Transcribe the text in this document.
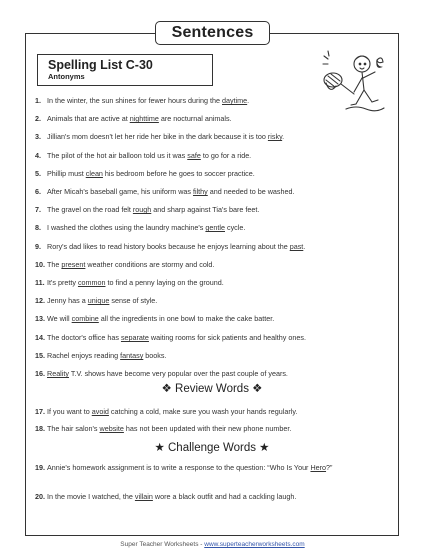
Sentences
Spelling List C-30
Antonyms
1. In the winter, the sun shines for fewer hours during the daytime.
2. Animals that are active at nighttime are nocturnal animals.
3. Jillian's mom doesn't let her ride her bike in the dark because it is too risky.
4. The pilot of the hot air balloon told us it was safe to go for a ride.
5. Phillip must clean his bedroom before he goes to soccer practice.
6. After Micah's baseball game, his uniform was filthy and needed to be washed.
7. The gravel on the road felt rough and sharp against Tia's bare feet.
8. I washed the clothes using the laundry machine's gentle cycle.
9. Rory's dad likes to read history books because he enjoys learning about the past.
10. The present weather conditions are stormy and cold.
11. It's pretty common to find a penny laying on the ground.
12. Jenny has a unique sense of style.
13. We will combine all the ingredients in one bowl to make the cake batter.
14. The doctor's office has separate waiting rooms for sick patients and healthy ones.
15. Rachel enjoys reading fantasy books.
16. Reality T.V. shows have become very popular over the past couple of years.
❖ Review Words ❖
17. If you want to avoid catching a cold, make sure you wash your hands regularly.
18. The hair salon's website has not been updated with their new phone number.
★ Challenge Words ★
19. Annie's homework assignment is to write a response to the question: “Who Is Your Hero?”
20. In the movie I watched, the villain wore a black outfit and had a cackling laugh.
Super Teacher Worksheets - www.superteacherworksheets.com
